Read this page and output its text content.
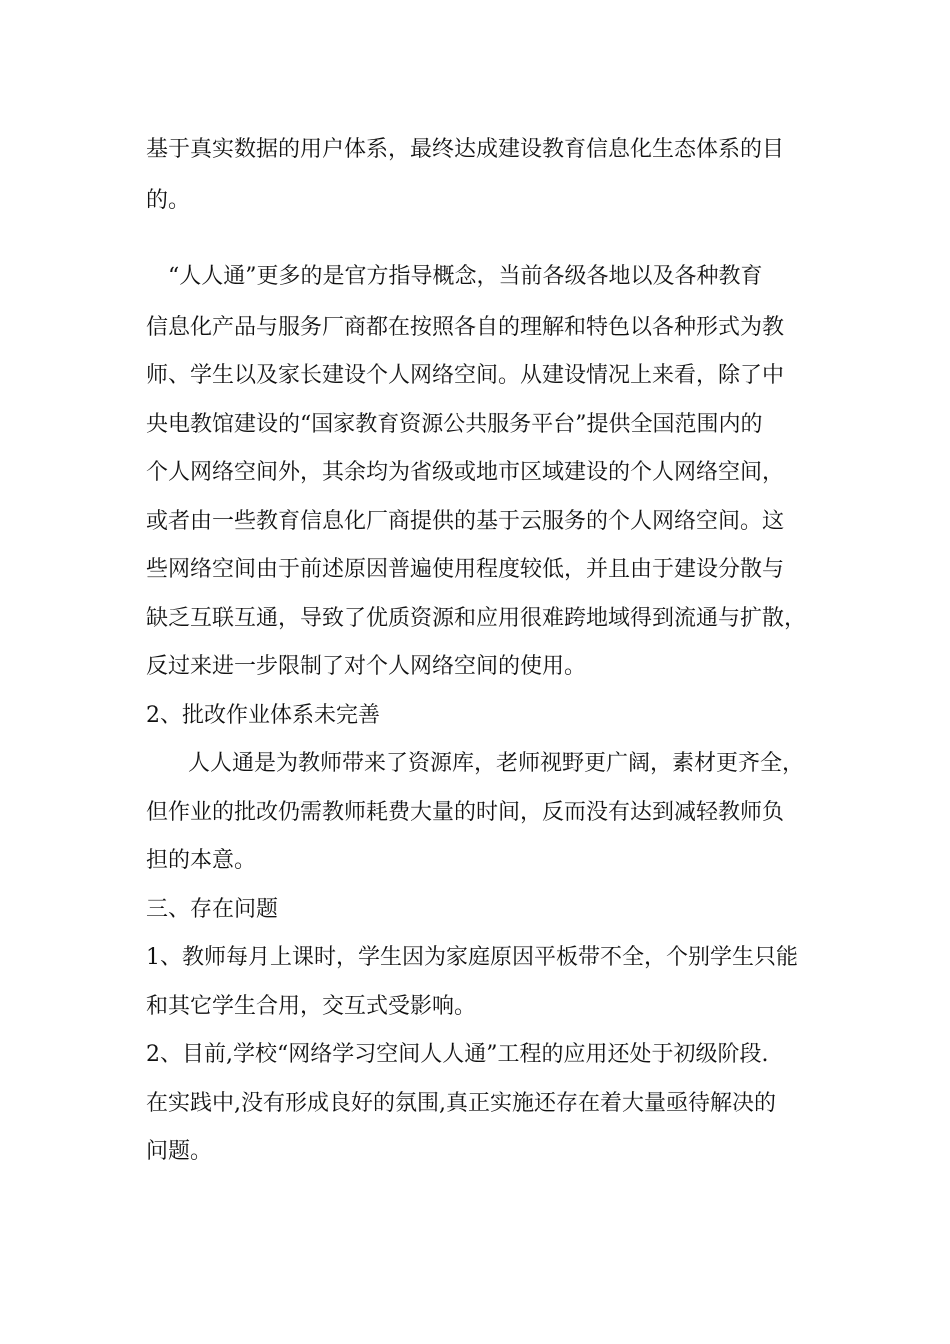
基于真实数据的用户体系，最终达成建设教育信息化生态体系的目
的。
“人人通”更多的是官方指导概念，当前各级各地以及各种教育
信息化产品与服务厂商都在按照各自的理解和特色以各种形式为教
师、学生以及家长建设个人网络空间。从建设情况上来看，除了中
央电教馆建设的“国家教育资源公共服务平台”提供全国范围内的
个人网络空间外，其余均为省级或地市区域建设的个人网络空间，
或者由一些教育信息化厂商提供的基于云服务的个人网络空间。这
些网络空间由于前述原因普遍使用程度较低，并且由于建设分散与
缺乏互联互通，导致了优质资源和应用很难跨地域得到流通与扩散，
反过来进一步限制了对个人网络空间的使用。
2、批改作业体系未完善
人人通是为教师带来了资源库，老师视野更广阔，素材更齐全，
但作业的批改仍需教师耗费大量的时间，反而没有达到减轻教师负
担的本意。
三、存在问题
1、教师每月上课时，学生因为家庭原因平板带不全，个别学生只能
和其它学生合用，交互式受影响。
2、目前,学校“网络学习空间人人通”工程的应用还处于初级阶段.
在实践中,没有形成良好的氛围,真正实施还存在着大量亟待解决的
问题。
